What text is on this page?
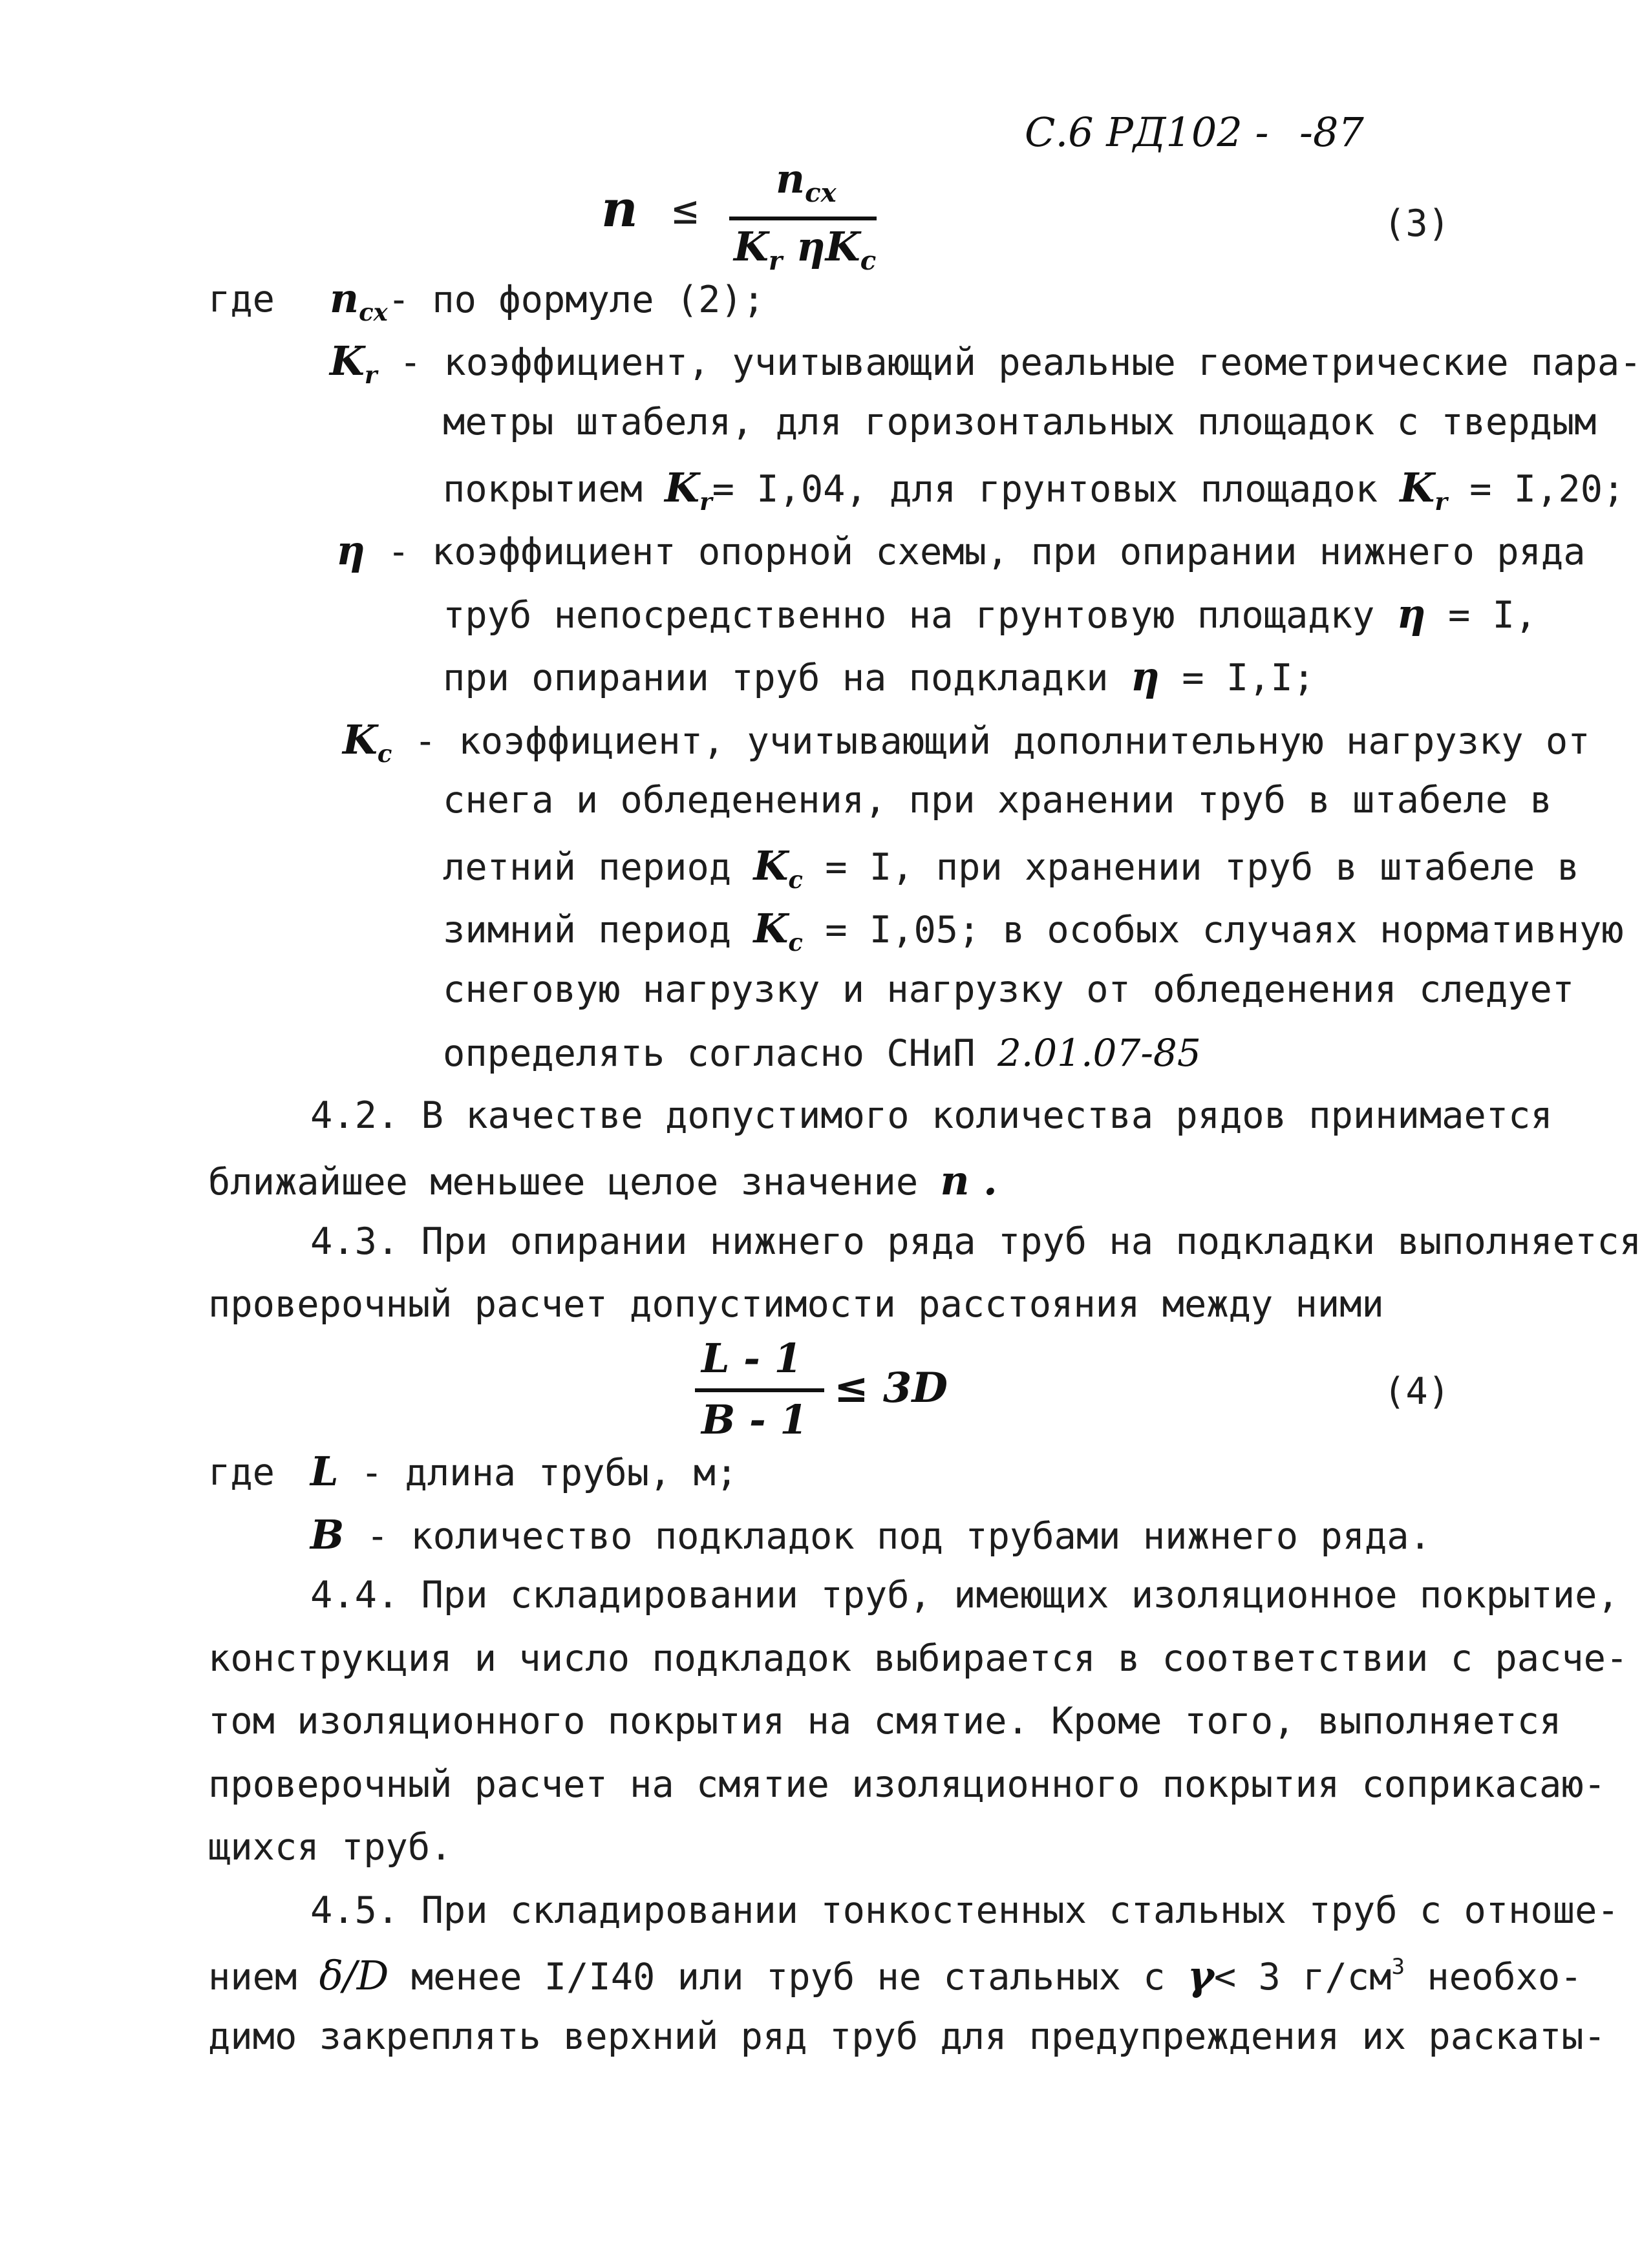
С.6 РД102 - -87
n ≤
$n_{cx}$
$K_r$ $\eta K_c$
(3)
где $n_{cx}-$ по формуле (2);
$K_r$ - коэффициент, учитывающий реальные геометрические пара-
метры штабеля, для горизонтальных площадок с твердым
покрытием $K_r= I,04$, для грунтовых площадок $K_r = I,20$;
η - коэффициент опорной схемы, при опирании нижнего ряда
труб непосредственно на грунтовую площадку η = I,
при опирании труб на подкладки η = I,I;
$K_c$ - коэффициент, учитывающий дополнительную нагрузку от
снега и обледенения, при хранении труб в штабеле в
летний период $K_c = I$, при хранении труб в штабеле в
зимний период $K_c = I,05$; в особых случаях нормативную
снеговую нагрузку и нагрузку от обледенения следует
определять согласно СНиП 2.01.07-85
4.2. В качестве допустимого количества рядов принимается
ближайшее меньшее целое значение n .
4.3. При опирании нижнего ряда труб на подкладки выполняется
проверочный расчет допустимости расстояния между ними
L - 1
B - 1
≤ 3D	(4)
где L - длина трубы, м;
B - количество подкладок под трубами нижнего ряда.
4.4. При складировании труб, имеющих изоляционное покрытие,
конструкция и число подкладок выбирается в соответствии с расче-
том изоляционного покрытия на смятие. Кроме того, выполняется
проверочный расчет на смятие изоляционного покрытия соприкасаю-
щихся труб.
4.5. При складировании тонкостенных стальных труб с отноше-
нием δ/D менее I/I40 или труб не стальных с γ< 3 $г/см^3$ необхо-
димо закреплять верхний ряд труб для предупреждения их раскаты-
